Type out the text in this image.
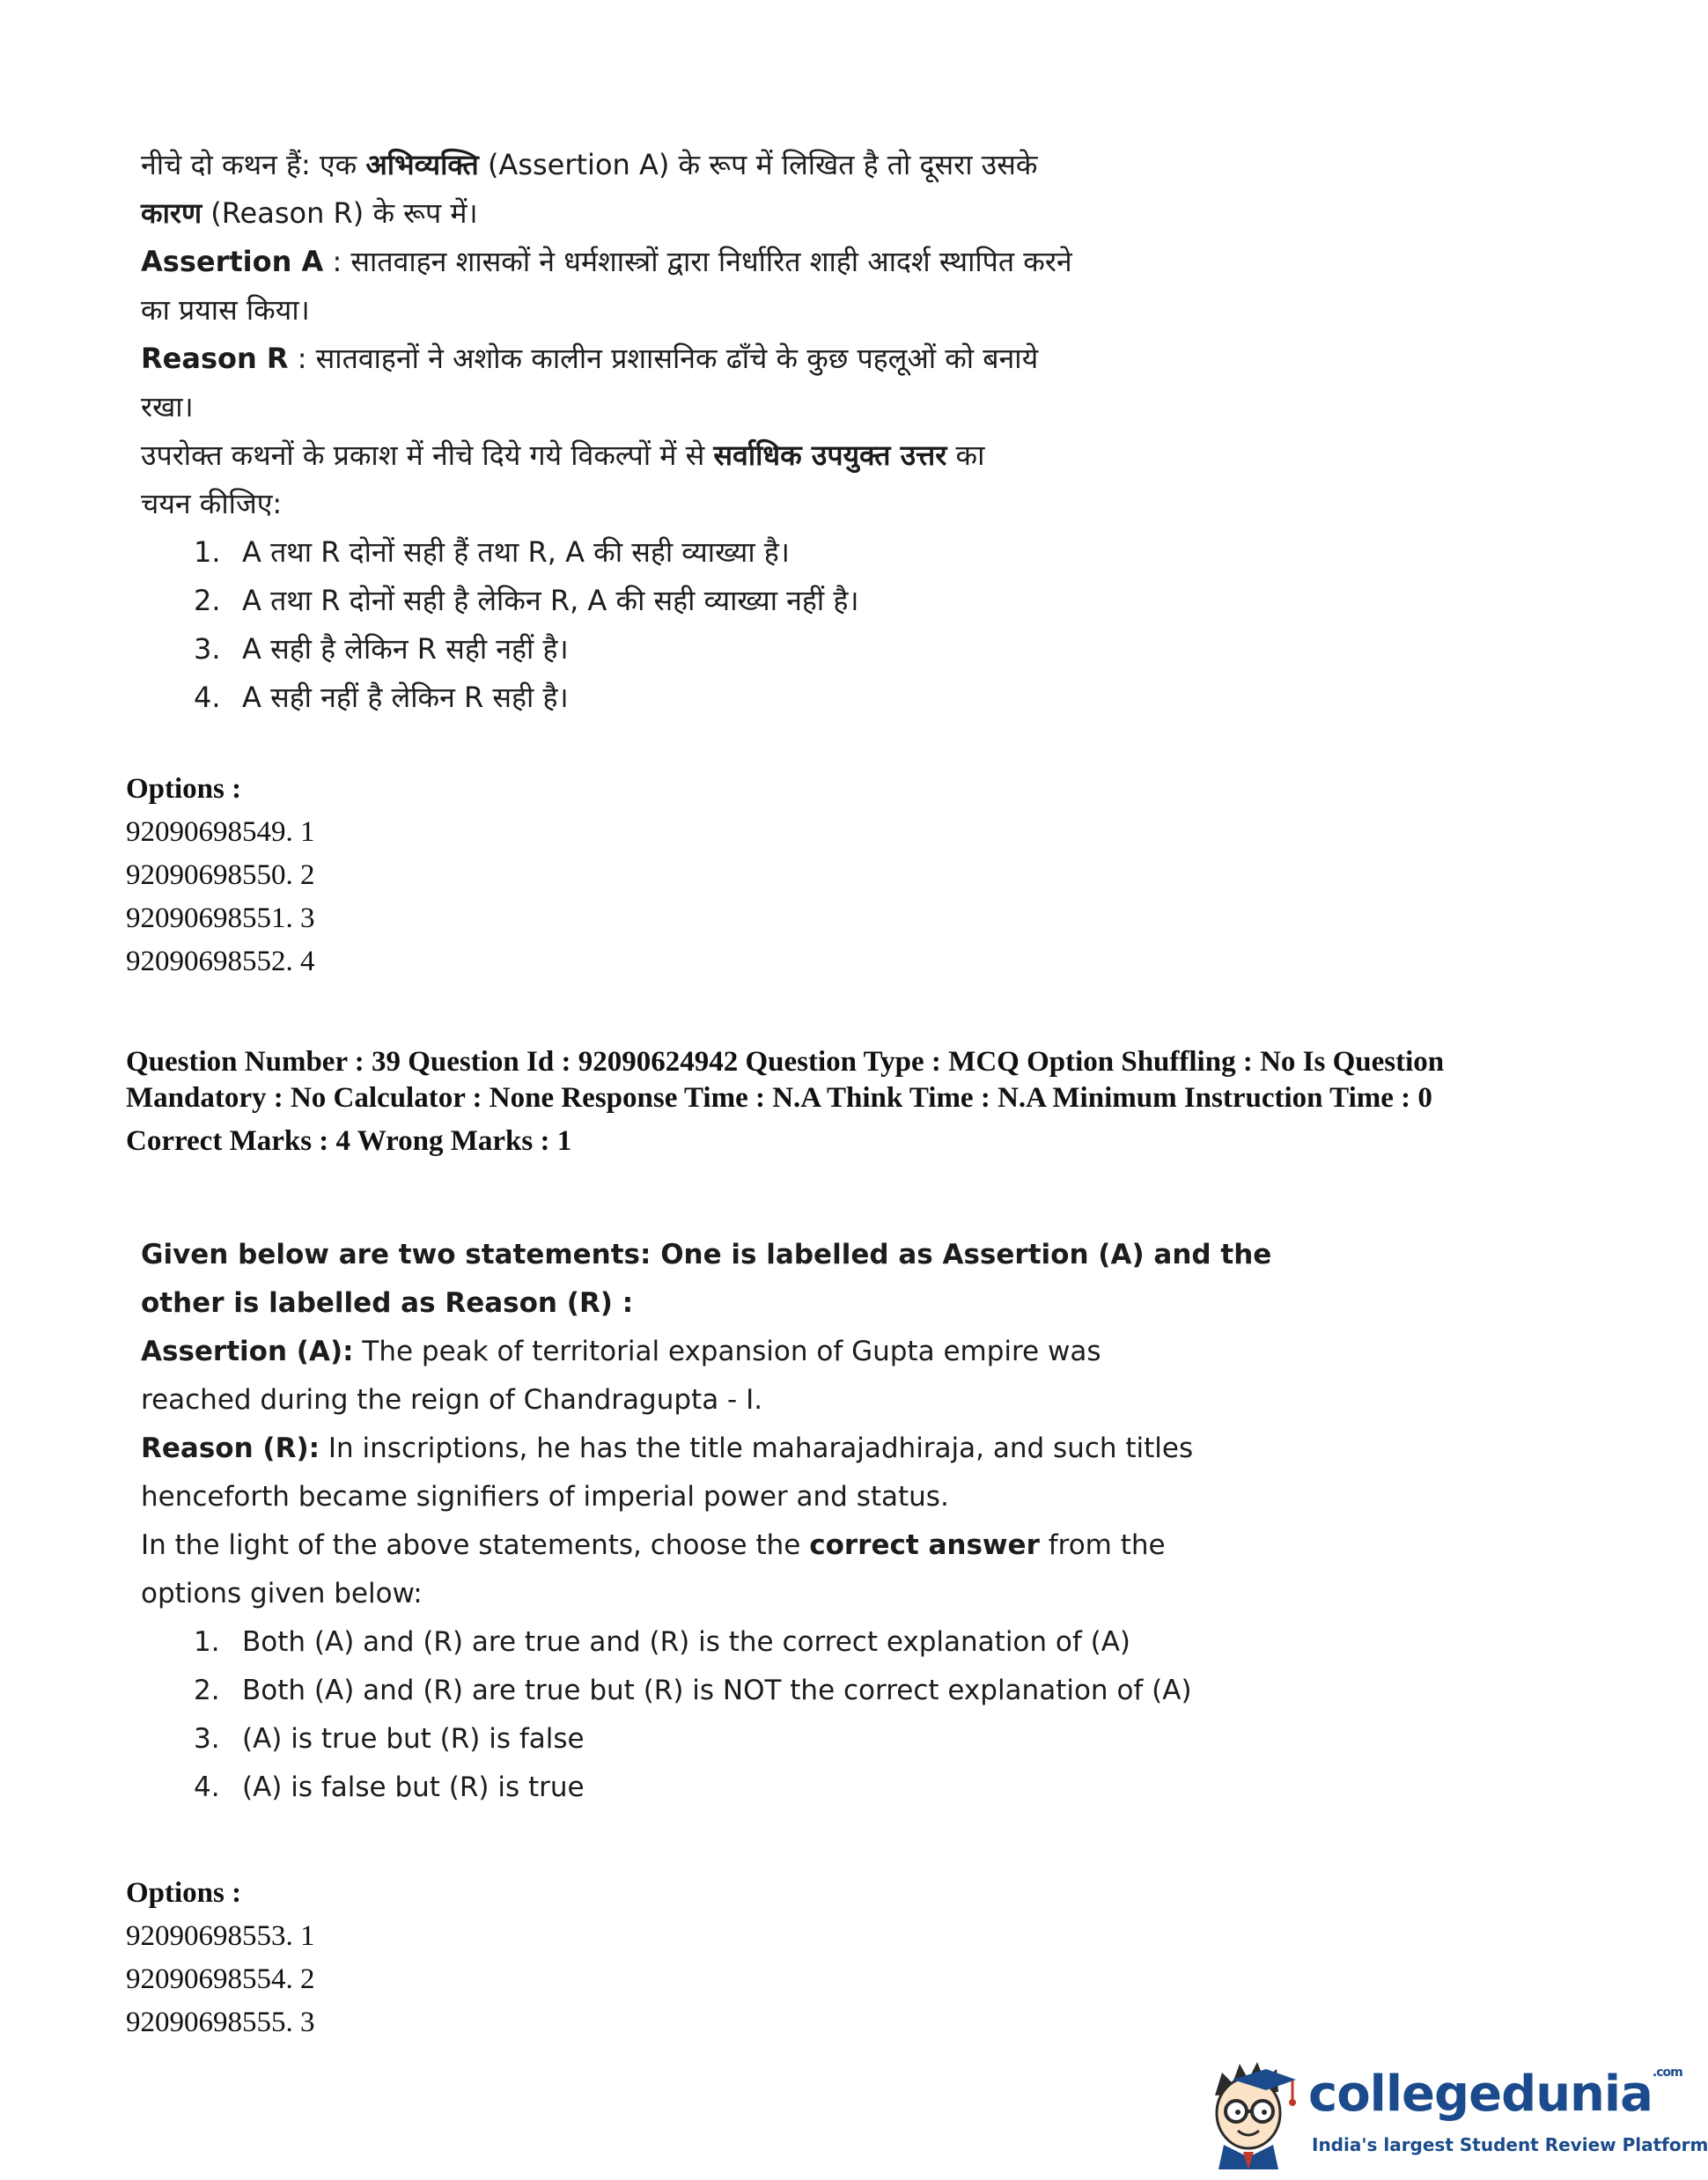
नीचे दो कथन हैं: एक अभिव्यक्ति (Assertion A) के रूप में लिखित है तो दूसरा उसके

कारण (Reason R) के रूप में।

Assertion A : सातवाहन शासकों ने धर्मशास्त्रों द्वारा निर्धारित शाही आदर्श स्थापित करने

का प्रयास किया।

Reason R : सातवाहनों ने अशोक कालीन प्रशासनिक ढाँचे के कुछ पहलूओं को बनाये

रखा।

उपरोक्त कथनों के प्रकाश में नीचे दिये गये विकल्पों में से सर्वाधिक उपयुक्त उत्तर का

चयन कीजिए:

1. A तथा R दोनों सही हैं तथा R, A की सही व्याख्या है।
2. A तथा R दोनों सही है लेकिन R, A की सही व्याख्या नहीं है।
3. A सही है लेकिन R सही नहीं है।
4. A सही नहीं है लेकिन R सही है।
Options :
92090698549. 1
92090698550. 2
92090698551. 3
92090698552. 4
Question Number : 39 Question Id : 92090624942 Question Type : MCQ Option Shuffling : No Is Question Mandatory : No Calculator : None Response Time : N.A Think Time : N.A Minimum Instruction Time : 0
Correct Marks : 4 Wrong Marks : 1

Given below are two statements: One is labelled as Assertion (A) and the

other is labelled as Reason (R) :

Assertion (A): The peak of territorial expansion of Gupta empire was

reached during the reign of Chandragupta - I.

Reason (R): In inscriptions, he has the title maharajadhiraja, and such titles

henceforth became signifiers of imperial power and status.

In the light of the above statements, choose the correct answer from the

options given below:

1. Both (A) and (R) are true and (R) is the correct explanation of (A)
2. Both (A) and (R) are true but (R) is NOT the correct explanation of (A)
3. (A) is true but (R) is false
4. (A) is false but (R) is true
Options :
92090698553. 1
92090698554. 2
92090698555. 3
collegedunia$^{.com}$
India's largest Student Review Platform
